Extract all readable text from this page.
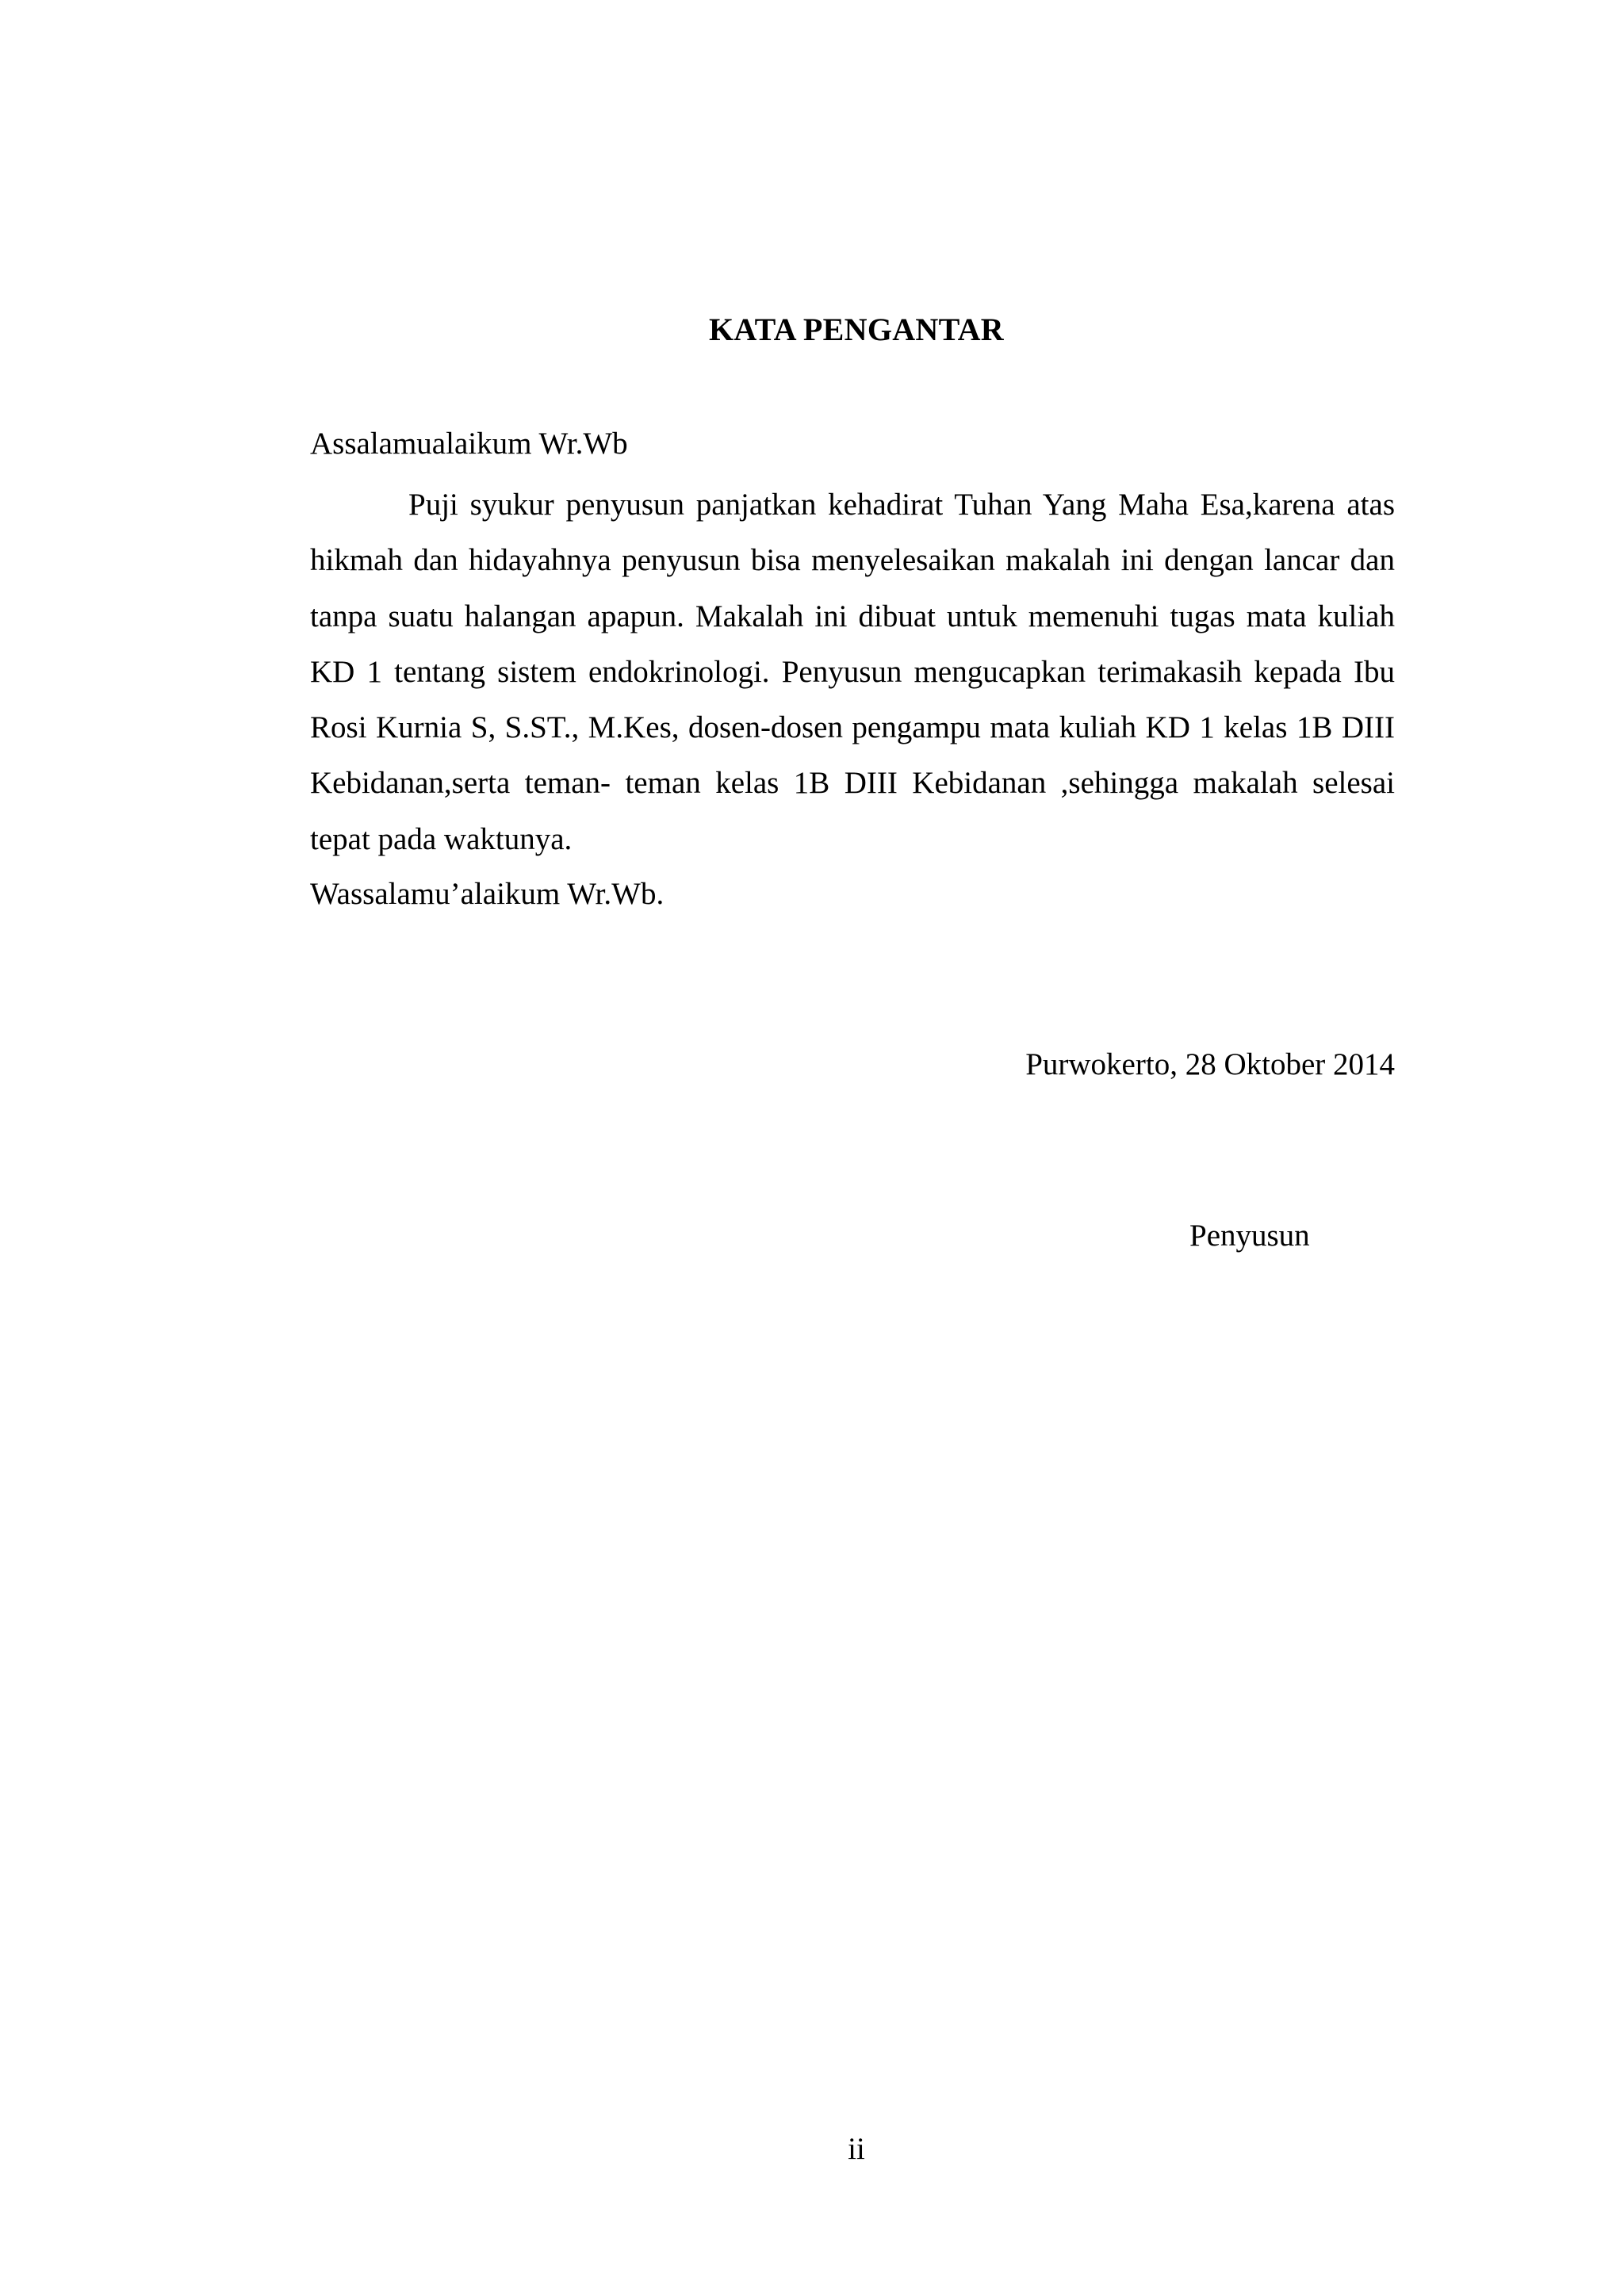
KATA PENGANTAR
Assalamualaikum Wr.Wb

Puji syukur penyusun panjatkan kehadirat Tuhan Yang Maha Esa,karena atas hikmah dan hidayahnya penyusun bisa menyelesaikan makalah ini dengan lancar dan tanpa suatu halangan apapun. Makalah ini dibuat untuk memenuhi tugas mata kuliah KD 1 tentang sistem endokrinologi. Penyusun mengucapkan terimakasih kepada Ibu Rosi Kurnia S, S.ST., M.Kes, dosen-dosen pengampu mata kuliah KD 1 kelas 1B DIII Kebidanan,serta teman- teman kelas 1B DIII Kebidanan ,sehingga makalah selesai tepat pada waktunya.

Wassalamu’alaikum Wr.Wb.
Purwokerto, 28 Oktober 2014
Penyusun
ii
